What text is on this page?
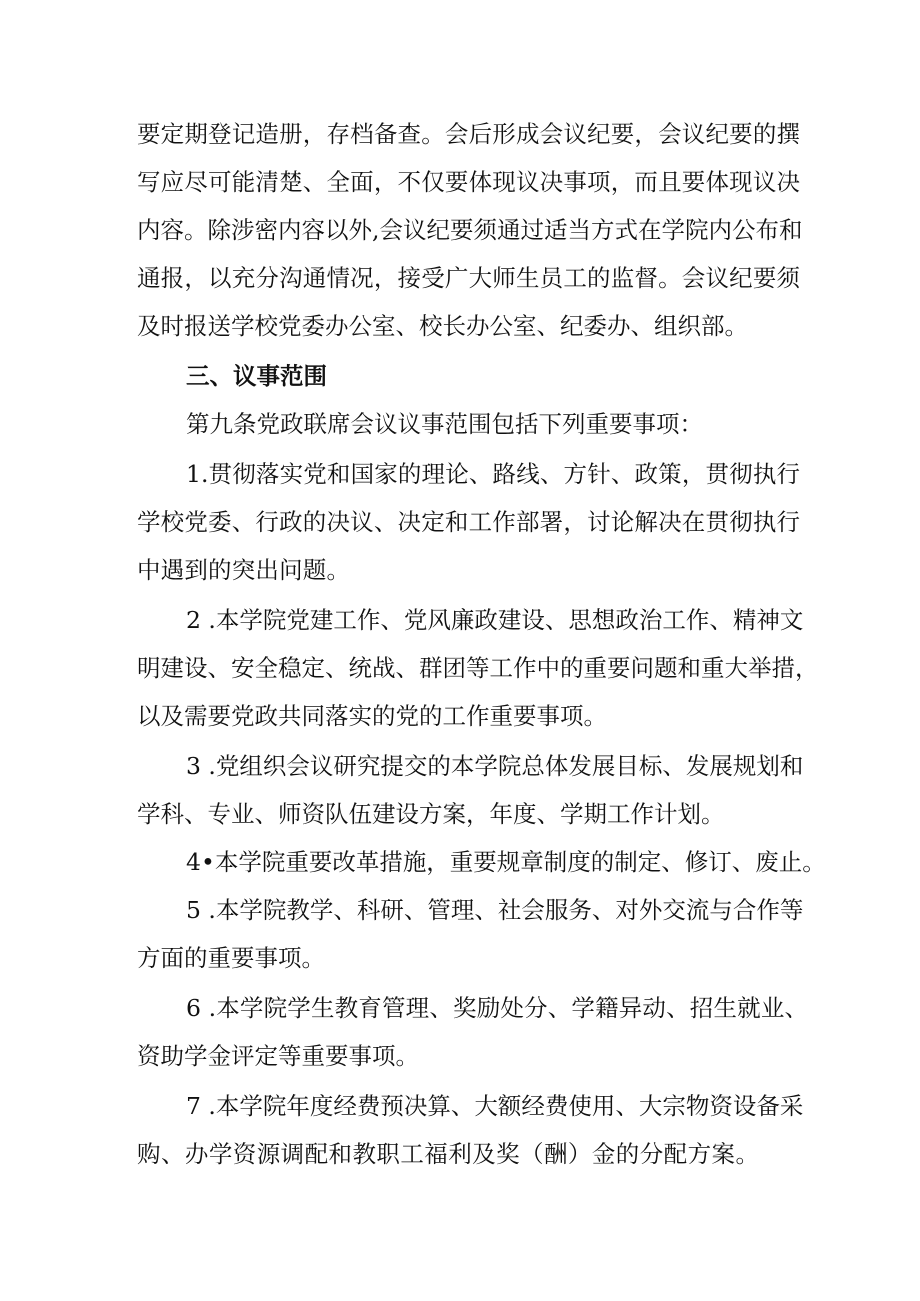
要定期登记造册，存档备查。会后形成会议纪要，会议纪要的撰
写应尽可能清楚、全面，不仅要体现议决事项，而且要体现议决
内容。除涉密内容以外,会议纪要须通过适当方式在学院内公布和
通报，以充分沟通情况，接受广大师生员工的监督。会议纪要须
及时报送学校党委办公室、校长办公室、纪委办、组织部。
三、议事范围
第九条党政联席会议议事范围包括下列重要事项：
1.贯彻落实党和国家的理论、路线、方针、政策，贯彻执行
学校党委、行政的决议、决定和工作部署，讨论解决在贯彻执行
中遇到的突出问题。
2 .本学院党建工作、党风廉政建设、思想政治工作、精神文
明建设、安全稳定、统战、群团等工作中的重要问题和重大举措，
以及需要党政共同落实的党的工作重要事项。
3 .党组织会议研究提交的本学院总体发展目标、发展规划和
学科、专业、师资队伍建设方案，年度、学期工作计划。
4•本学院重要改革措施，重要规章制度的制定、修订、废止。
5 .本学院教学、科研、管理、社会服务、对外交流与合作等
方面的重要事项。
6 .本学院学生教育管理、奖励处分、学籍异动、招生就业、
资助学金评定等重要事项。
7 .本学院年度经费预决算、大额经费使用、大宗物资设备采
购、办学资源调配和教职工福利及奖（酬）金的分配方案。
